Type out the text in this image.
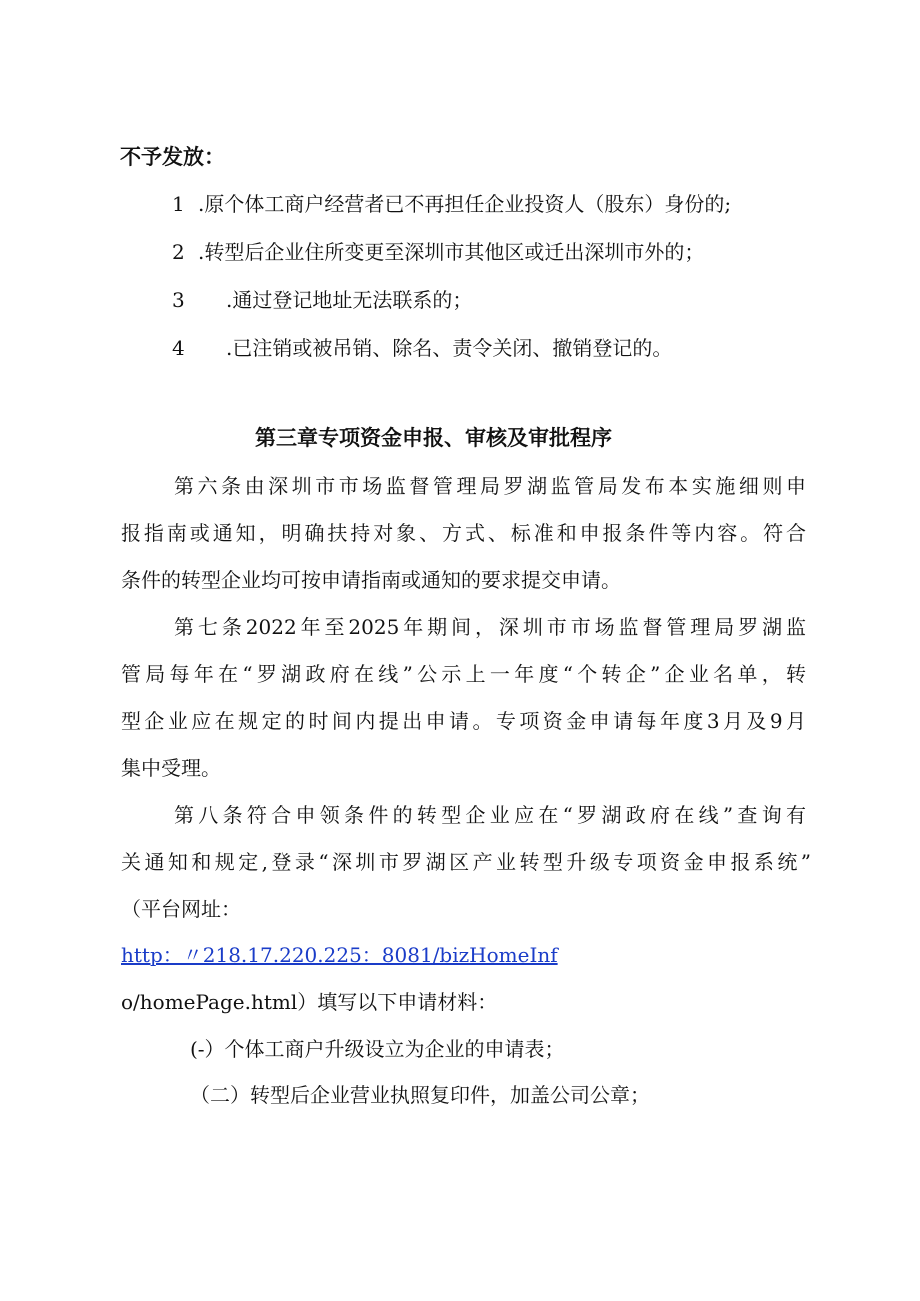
不予发放：
1 .原个体工商户经营者已不再担任企业投资人（股东）身份的;
2 .转型后企业住所变更至深圳市其他区或迁出深圳市外的；
3 .通过登记地址无法联系的；
4 .已注销或被吊销、除名、责令关闭、撤销登记的。
第三章专项资金申报、审核及审批程序
第六条由深圳市市场监督管理局罗湖监管局发布本实施细则申
报指南或通知，明确扶持对象、方式、标准和申报条件等内容。符合
条件的转型企业均可按申请指南或通知的要求提交申请。
第七条2022年至2025年期间，深圳市市场监督管理局罗湖监
管局每年在“罗湖政府在线”公示上一年度“个转企”企业名单，转
型企业应在规定的时间内提出申请。专项资金申请每年度3月及9月
集中受理。
第八条符合申领条件的转型企业应在“罗湖政府在线”查询有
关通知和规定,登录“深圳市罗湖区产业转型升级专项资金申报系统”
（平台网址：
http：〃218.17.220.225：8081/bizHomeInf
o/homePage.html）填写以下申请材料：
(-）个体工商户升级设立为企业的申请表；
（二）转型后企业营业执照复印件，加盖公司公章；
